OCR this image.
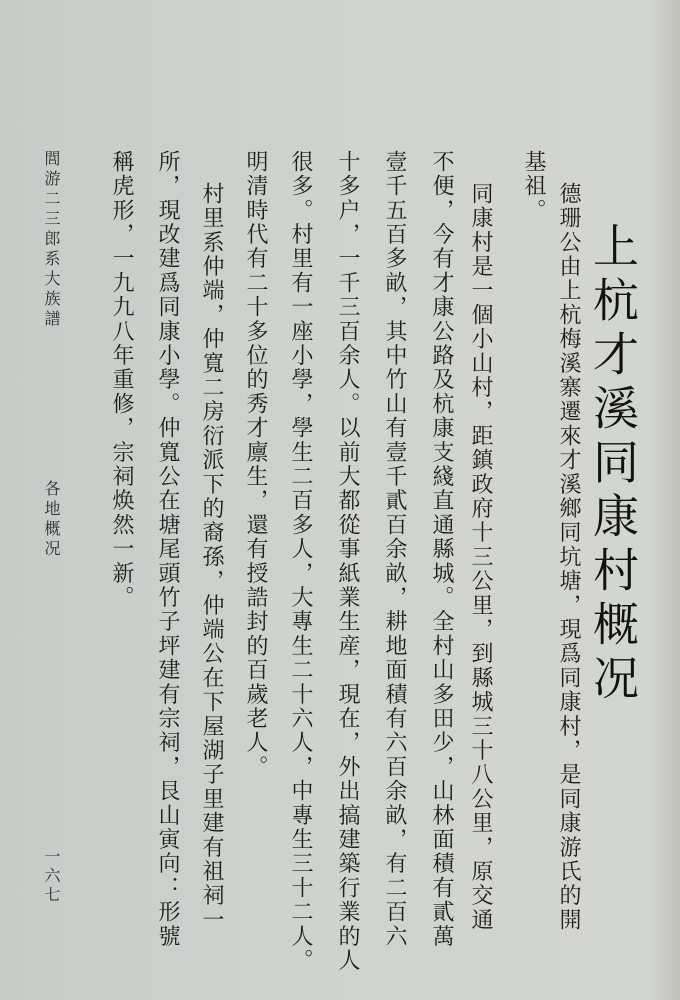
上杭才溪同康村概况
德珊公由上杭梅溪寨遷來才溪鄉同坑塘，現爲同康村，是同康游氏的開
基祖。
同康村是一個小山村，距鎮政府十三公里，到縣城三十八公里，原交通
不便，今有才康公路及杭康支綫直通縣城。全村山多田少，山林面積有貳萬
壹千五百多畝，其中竹山有壹千貳百余畝，耕地面積有六百余畝，有二百六
十多户，一千三百余人。以前大都從事紙業生産，現在，外出搞建築行業的人
很多。村里有一座小學，學生二百多人，大專生二十六人，中專生三十二人。
明清時代有二十多位的秀才廪生，還有授誥封的百歲老人。
村里系仲端，仲寬二房衍派下的裔孫，仲端公在下屋湖子里建有祖祠一
所，現改建爲同康小學。仲寬公在塘尾頭竹子坪建有宗祠，艮山寅向：形號
稱虎形，一九九八年重修，宗祠焕然一新。
閭游二三郎系大族譜
各地概况
一六七
